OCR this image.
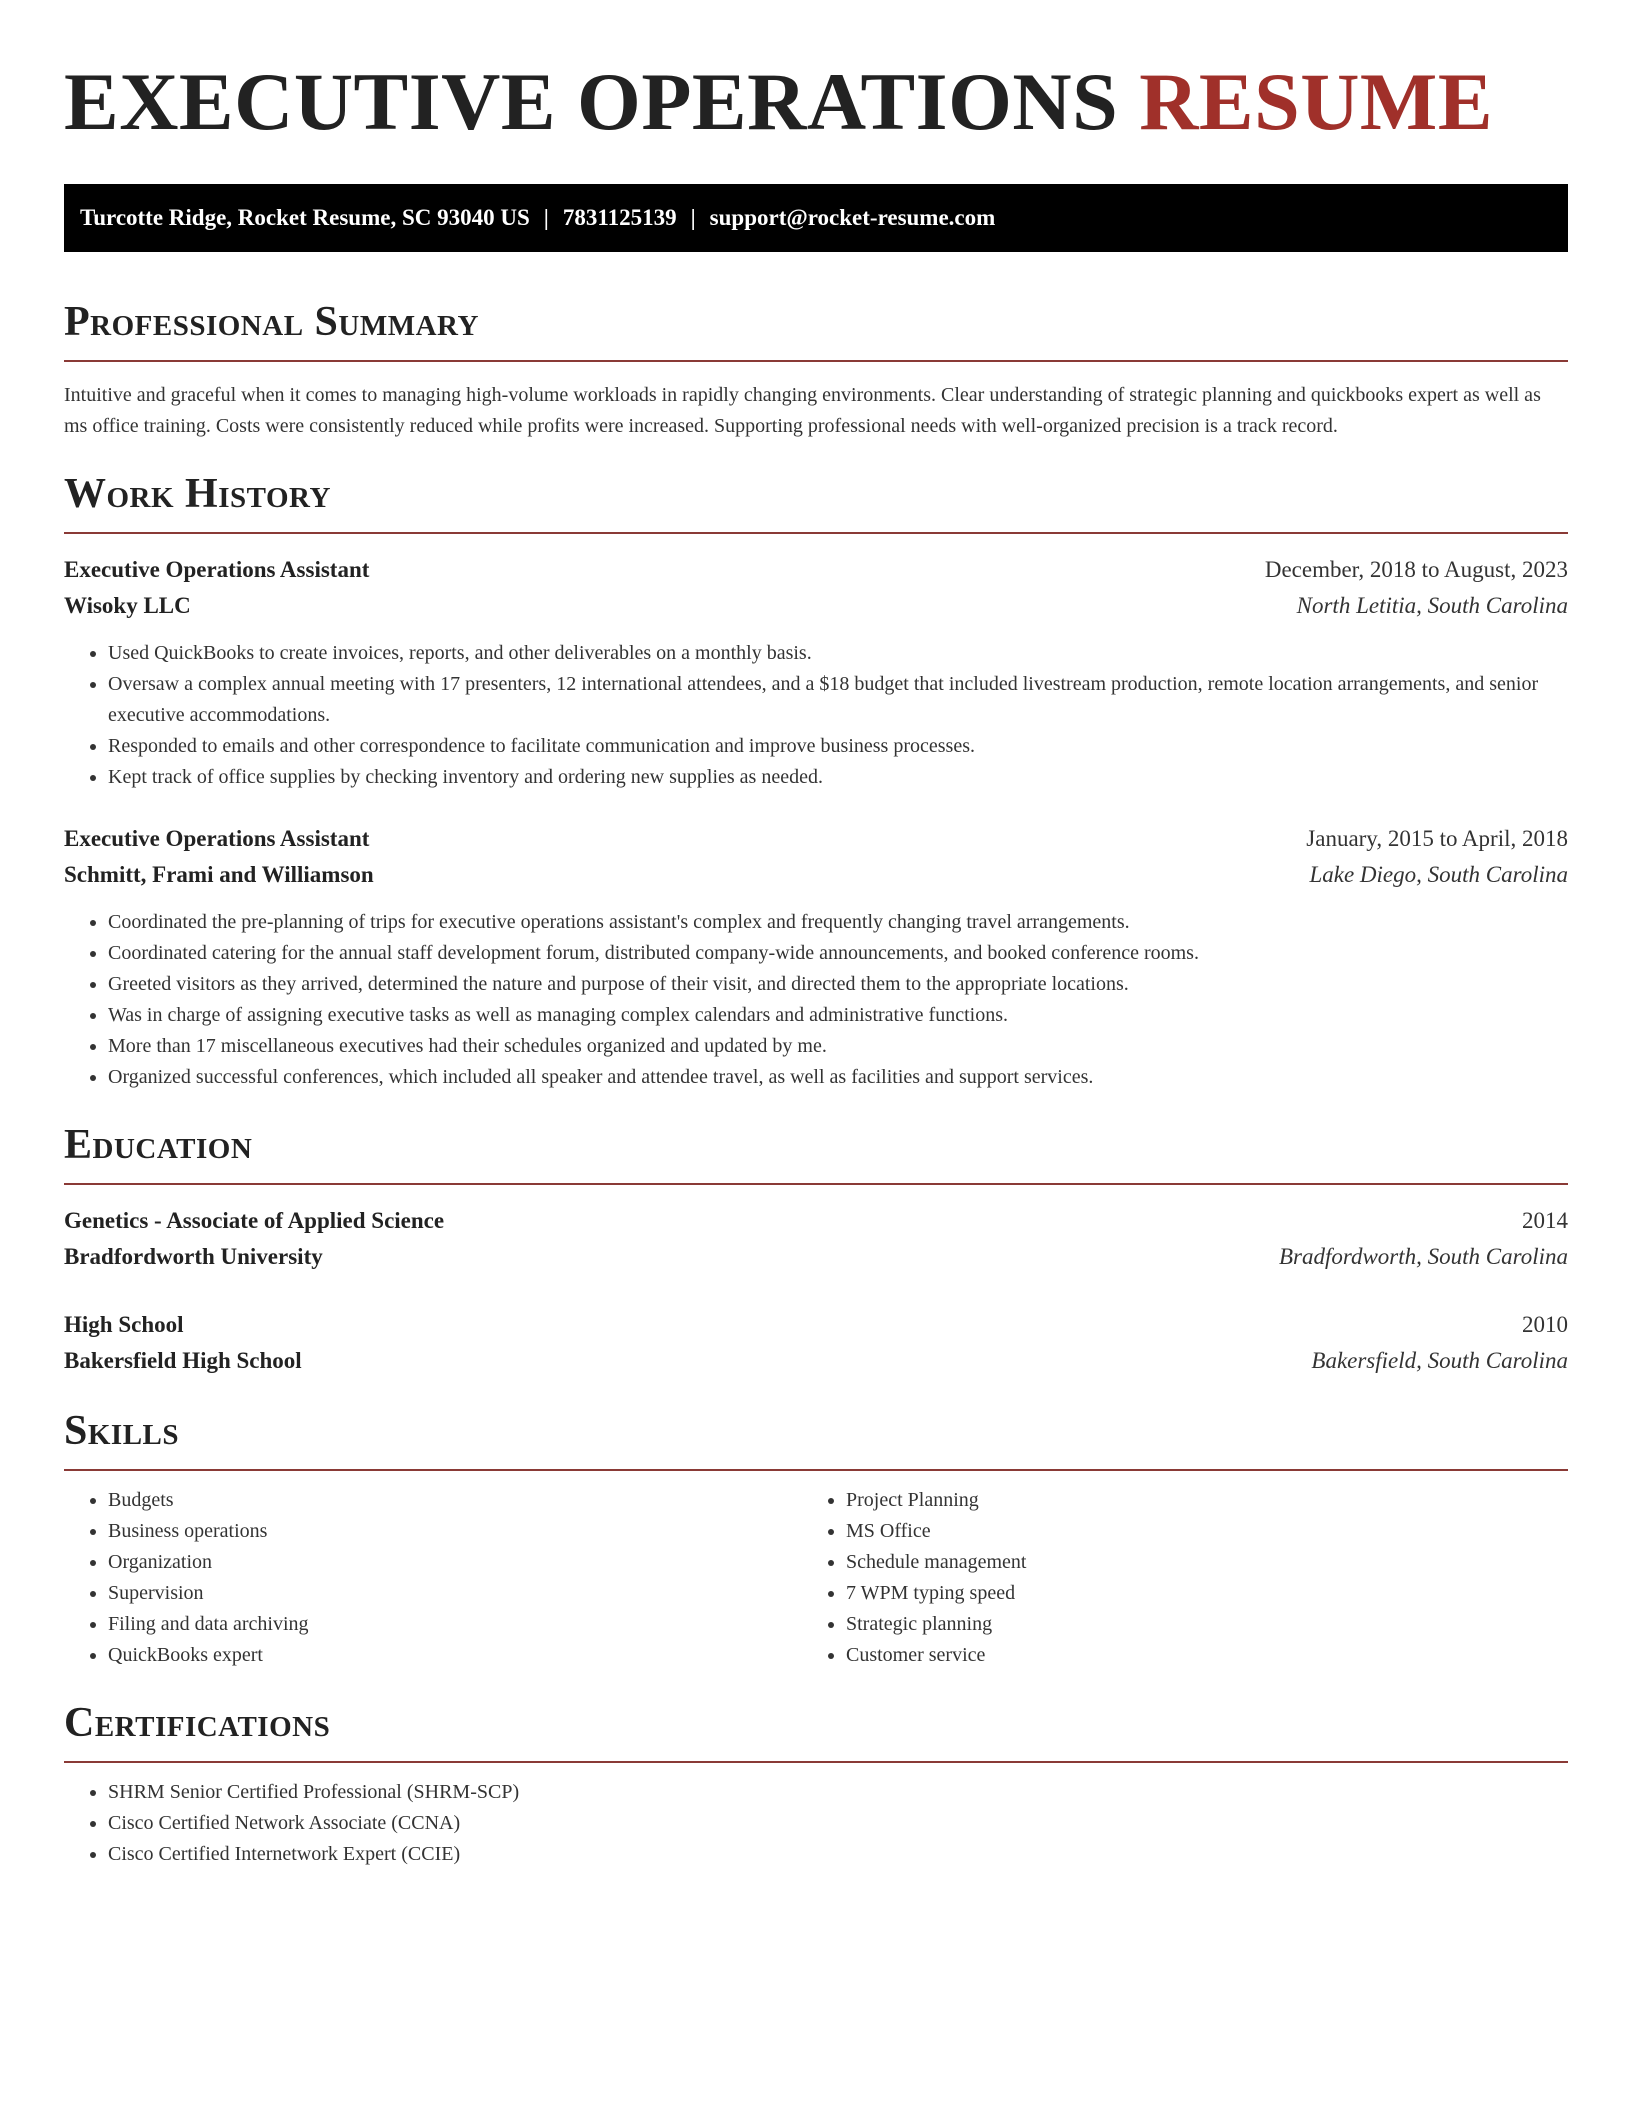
EXECUTIVE OPERATIONS RESUME
Turcotte Ridge, Rocket Resume, SC 93040 US | 7831125139 | support@rocket-resume.com
Professional Summary

Intuitive and graceful when it comes to managing high-volume workloads in rapidly changing environments. Clear understanding of strategic planning and quickbooks expert as well as ms office training. Costs were consistently reduced while profits were increased. Supporting professional needs with well-organized precision is a track record.

Work History
Executive Operations Assistant	December, 2018 to August, 2023
Wisoky LLC	North Letitia, South Carolina
• Used QuickBooks to create invoices, reports, and other deliverables on a monthly basis.
• Oversaw a complex annual meeting with 17 presenters, 12 international attendees, and a $18 budget that included livestream production, remote location arrangements, and senior executive accommodations.
• Responded to emails and other correspondence to facilitate communication and improve business processes.
• Kept track of office supplies by checking inventory and ordering new supplies as needed.
Executive Operations Assistant	January, 2015 to April, 2018
Schmitt, Frami and Williamson	Lake Diego, South Carolina
• Coordinated the pre-planning of trips for executive operations assistant's complex and frequently changing travel arrangements.
• Coordinated catering for the annual staff development forum, distributed company-wide announcements, and booked conference rooms.
• Greeted visitors as they arrived, determined the nature and purpose of their visit, and directed them to the appropriate locations.
• Was in charge of assigning executive tasks as well as managing complex calendars and administrative functions.
• More than 17 miscellaneous executives had their schedules organized and updated by me.
• Organized successful conferences, which included all speaker and attendee travel, as well as facilities and support services.
Education
Genetics - Associate of Applied Science	2014
Bradfordworth University	Bradfordworth, South Carolina
High School	2010
Bakersfield High School	Bakersfield, South Carolina
Skills
• Budgets
• Business operations
• Organization
• Supervision
• Filing and data archiving
• QuickBooks expert
• Project Planning
• MS Office
• Schedule management
• 7 WPM typing speed
• Strategic planning
• Customer service
Certifications
• SHRM Senior Certified Professional (SHRM-SCP)
• Cisco Certified Network Associate (CCNA)
• Cisco Certified Internetwork Expert (CCIE)
